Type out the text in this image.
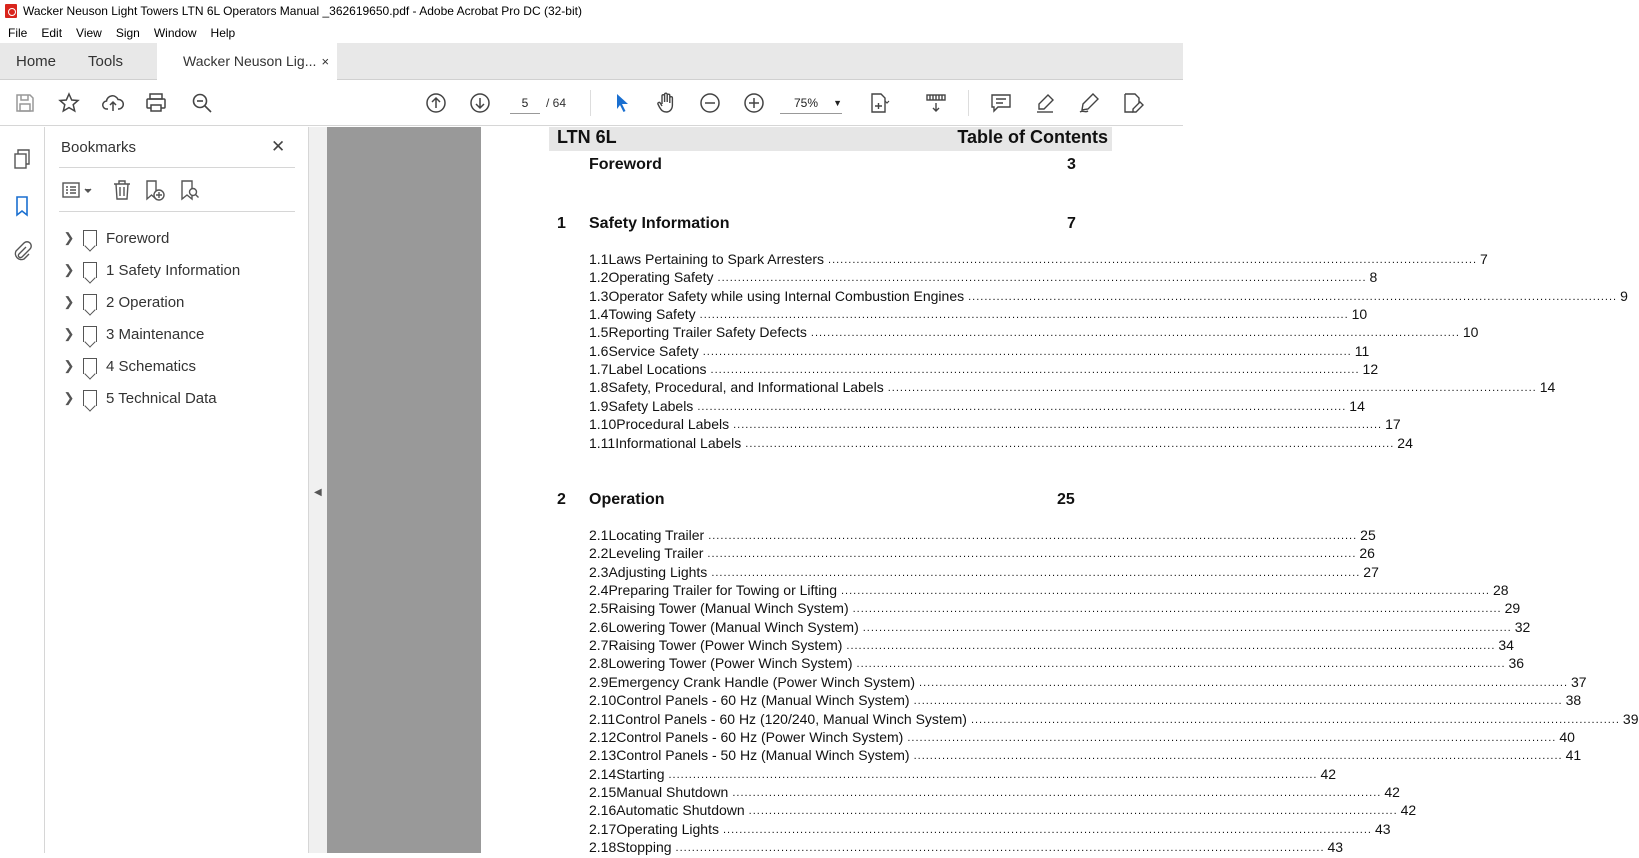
Wacker Neuson Light Towers LTN 6L Operators Manual _362619650.pdf - Adobe Acrobat Pro DC (32-bit)
File	Edit	View	Sign	Window	Help
Home	Tools	Wacker Neuson Lig... ×
5	/ 64	75% ▼
Bookmarks	✕
❯	Foreword
❯	1 Safety Information
❯	2 Operation
❯	3 Maintenance
❯	4 Schematics
❯	5 Technical Data
◀
LTN 6L	Table of Contents
Foreword	3
1 Safety Information	7
1.1 Laws Pertaining to Spark Arresters ................................................................................................................................................................ 7
1.2 Operating Safety ................................................................................................................................................................ 8
1.3 Operator Safety while using Internal Combustion Engines ................................................................................................................................................................ 9
1.4 Towing Safety ................................................................................................................................................................ 10
1.5 Reporting Trailer Safety Defects ................................................................................................................................................................ 10
1.6 Service Safety ................................................................................................................................................................ 11
1.7 Label Locations ................................................................................................................................................................ 12
1.8 Safety, Procedural, and Informational Labels ................................................................................................................................................................ 14
1.9 Safety Labels ................................................................................................................................................................ 14
1.10 Procedural Labels ................................................................................................................................................................ 17
1.11 Informational Labels ................................................................................................................................................................ 24
2 Operation	25
2.1 Locating Trailer ................................................................................................................................................................ 25
2.2 Leveling Trailer ................................................................................................................................................................ 26
2.3 Adjusting Lights ................................................................................................................................................................ 27
2.4 Preparing Trailer for Towing or Lifting ................................................................................................................................................................ 28
2.5 Raising Tower (Manual Winch System) ................................................................................................................................................................ 29
2.6 Lowering Tower (Manual Winch System) ................................................................................................................................................................ 32
2.7 Raising Tower (Power Winch System) ................................................................................................................................................................ 34
2.8 Lowering Tower (Power Winch System) ................................................................................................................................................................ 36
2.9 Emergency Crank Handle (Power Winch System) ................................................................................................................................................................ 37
2.10 Control Panels - 60 Hz (Manual Winch System) ................................................................................................................................................................ 38
2.11 Control Panels - 60 Hz (120/240, Manual Winch System) ................................................................................................................................................................ 39
2.12 Control Panels - 60 Hz (Power Winch System) ................................................................................................................................................................ 40
2.13 Control Panels - 50 Hz (Manual Winch System) ................................................................................................................................................................ 41
2.14 Starting ................................................................................................................................................................ 42
2.15 Manual Shutdown ................................................................................................................................................................ 42
2.16 Automatic Shutdown ................................................................................................................................................................ 42
2.17 Operating Lights ................................................................................................................................................................ 43
2.18 Stopping ................................................................................................................................................................ 43
